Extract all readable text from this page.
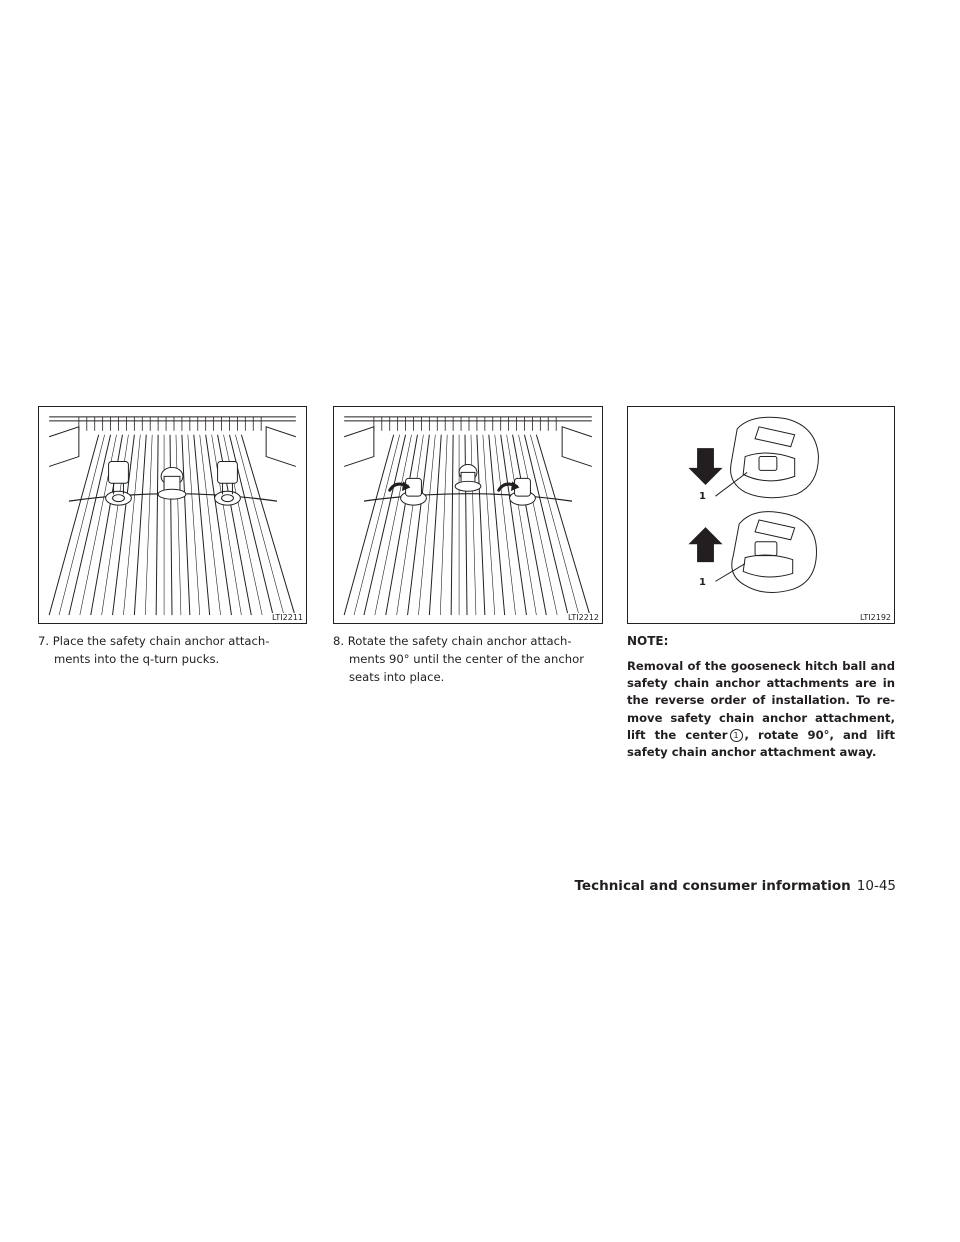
LTI2211	LTI2212
1
1
LTI2192
7. Place the safety chain anchor attach-
ments into the q-turn pucks.
8. Rotate the safety chain anchor attach-
ments 90° until the center of the anchor seats into place.
NOTE:
Removal of the gooseneck hitch ball and safety chain anchor attachments are in the reverse order of installation. To re-move safety chain anchor attachment, lift the center 1 , rotate 90°, and lift safety chain anchor attachment away.
Technical and consumer information 10-45
